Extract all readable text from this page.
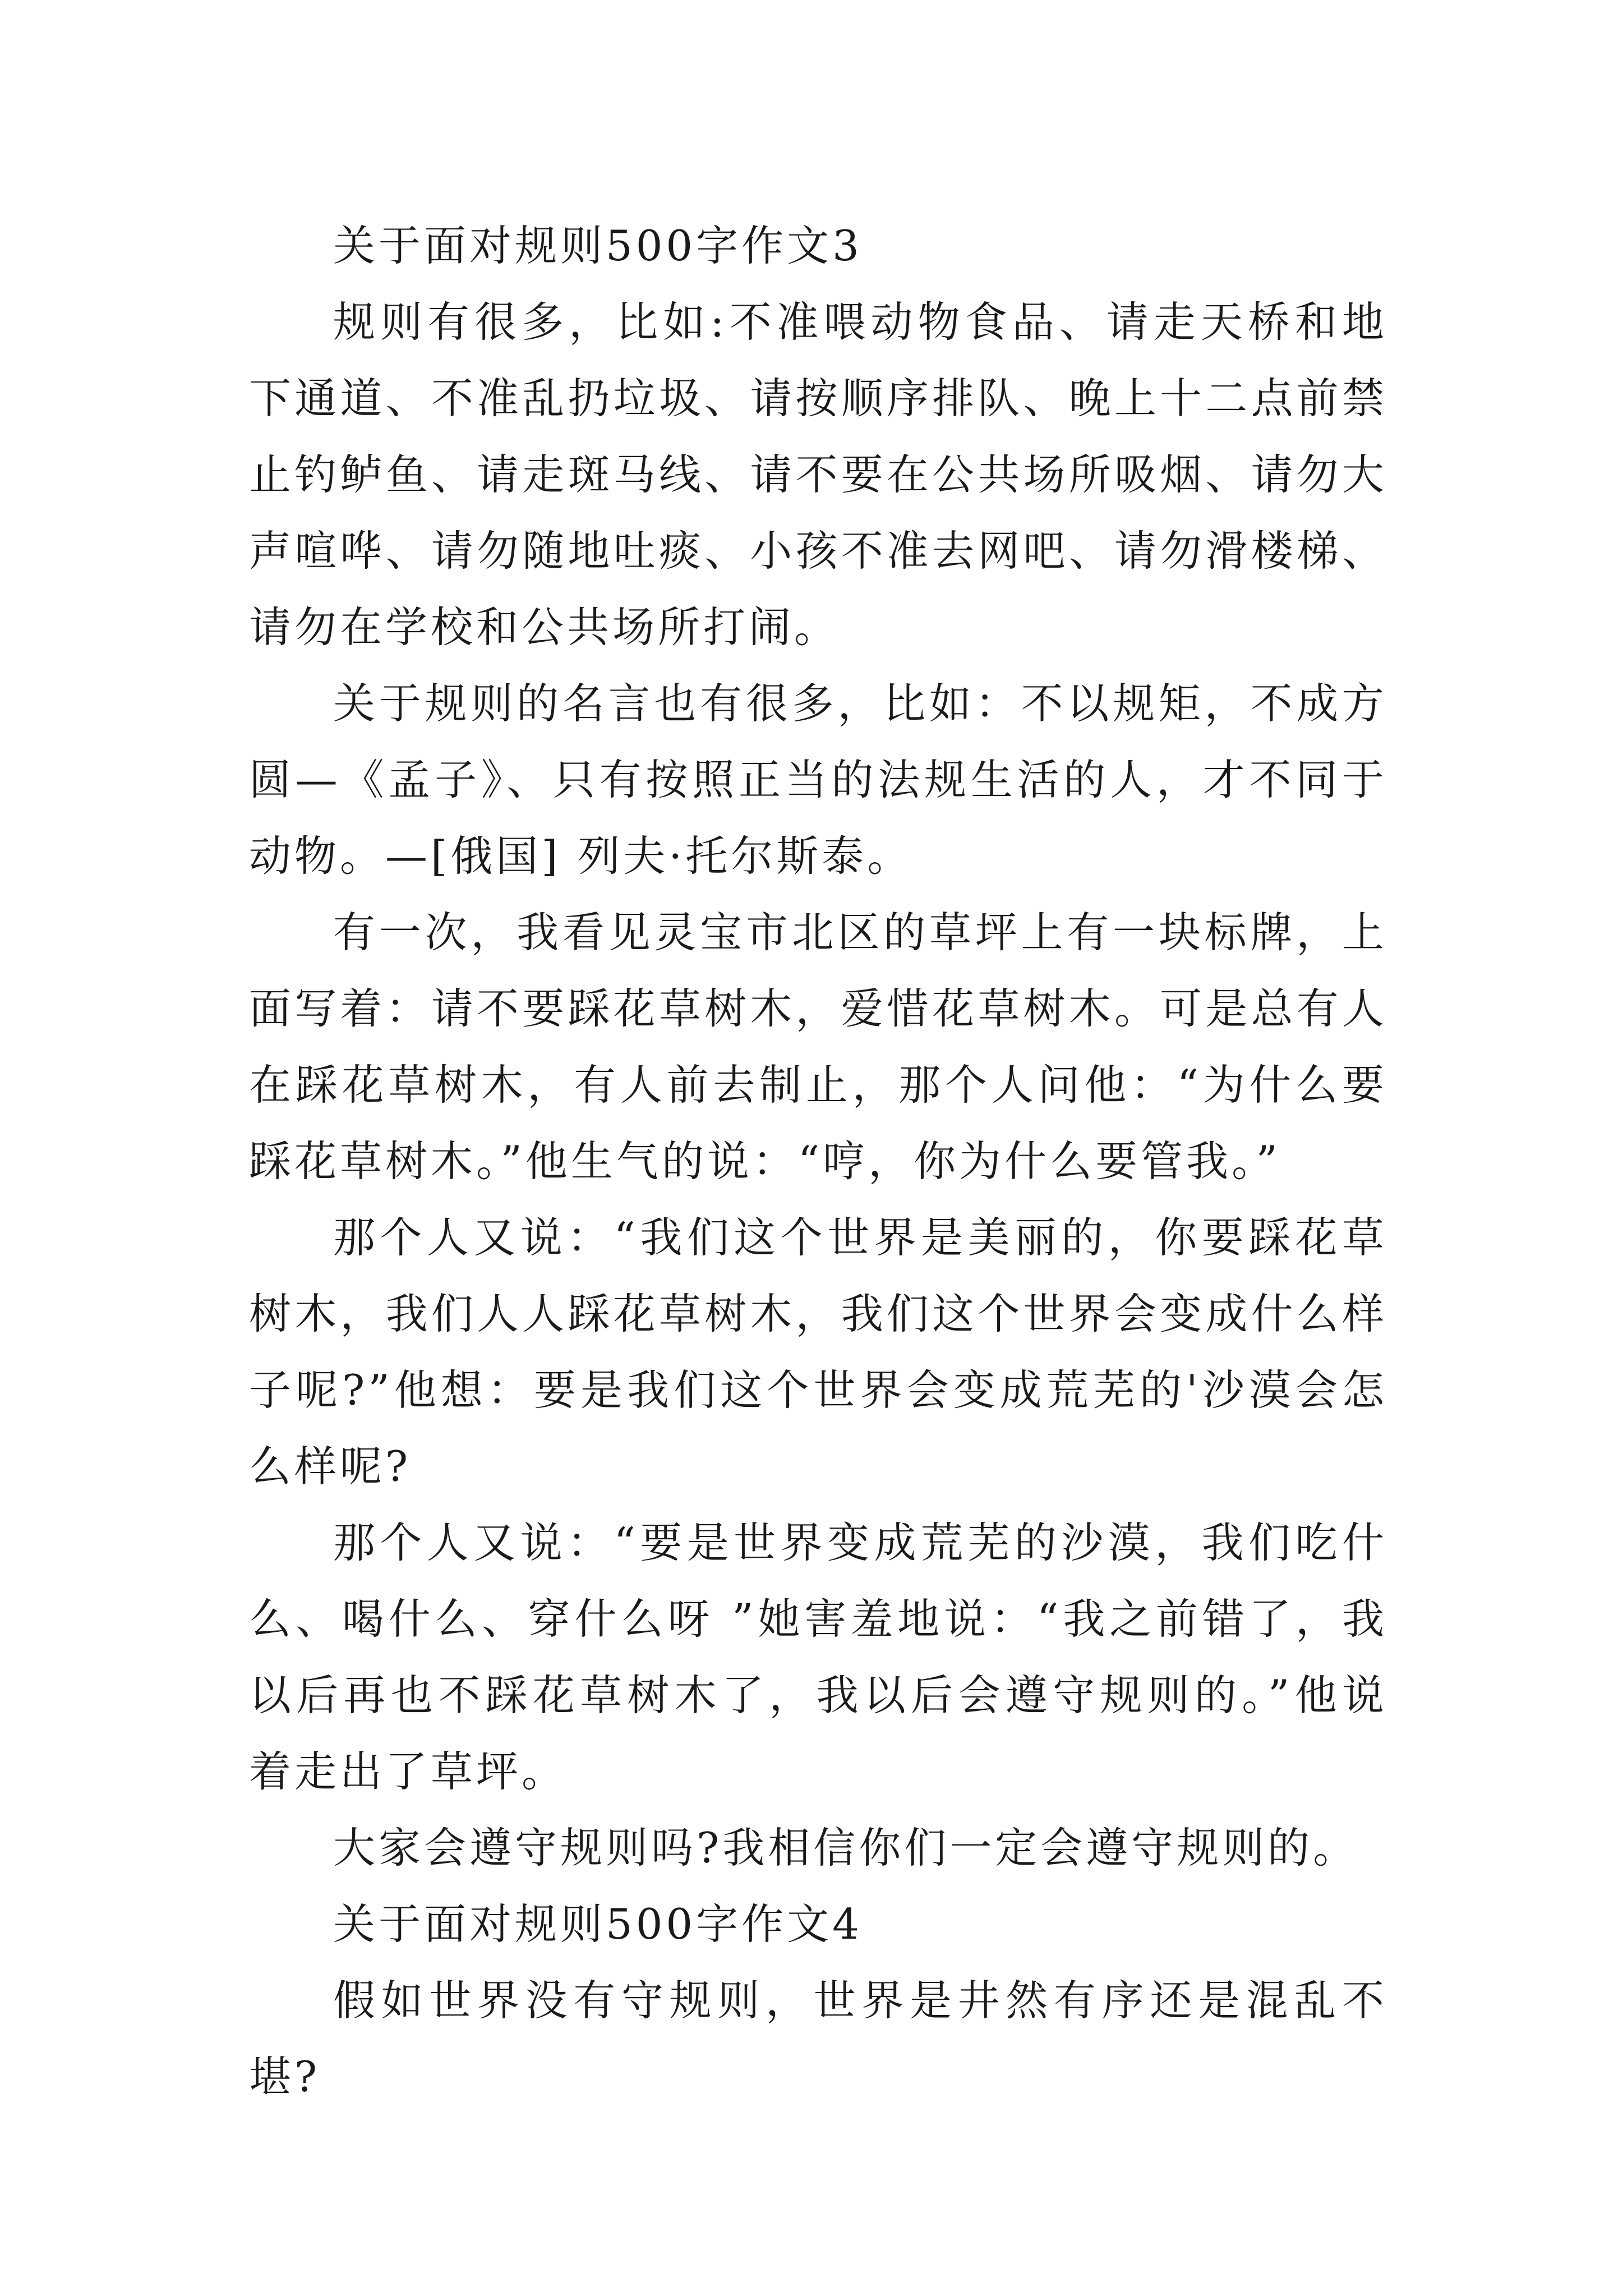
关于面对规则500字作文3

规则有很多，比如:不准喂动物食品、请走天桥和地下通道、不准乱扔垃圾、请按顺序排队、晚上十二点前禁止钓鲈鱼、请走斑马线、请不要在公共场所吸烟、请勿大声喧哗、请勿随地吐痰、小孩不准去网吧、请勿滑楼梯、请勿在学校和公共场所打闹。

关于规则的名言也有很多，比如：不以规矩，不成方圆—《孟子》、只有按照正当的法规生活的人，才不同于动物。—[俄国] 列夫·托尔斯泰。

有一次，我看见灵宝市北区的草坪上有一块标牌，上面写着：请不要踩花草树木，爱惜花草树木。可是总有人在踩花草树木，有人前去制止，那个人问他：“为什么要踩花草树木。”他生气的说：“哼，你为什么要管我。”

那个人又说：“我们这个世界是美丽的，你要踩花草树木，我们人人踩花草树木，我们这个世界会变成什么样子呢?”他想：要是我们这个世界会变成荒芜的'沙漠会怎么样呢?

那个人又说：“要是世界变成荒芜的沙漠，我们吃什么、喝什么、穿什么呀 ”她害羞地说：“我之前错了，我以后再也不踩花草树木了，我以后会遵守规则的。”他说着走出了草坪。

大家会遵守规则吗?我相信你们一定会遵守规则的。

关于面对规则500字作文4

假如世界没有守规则，世界是井然有序还是混乱不堪?
